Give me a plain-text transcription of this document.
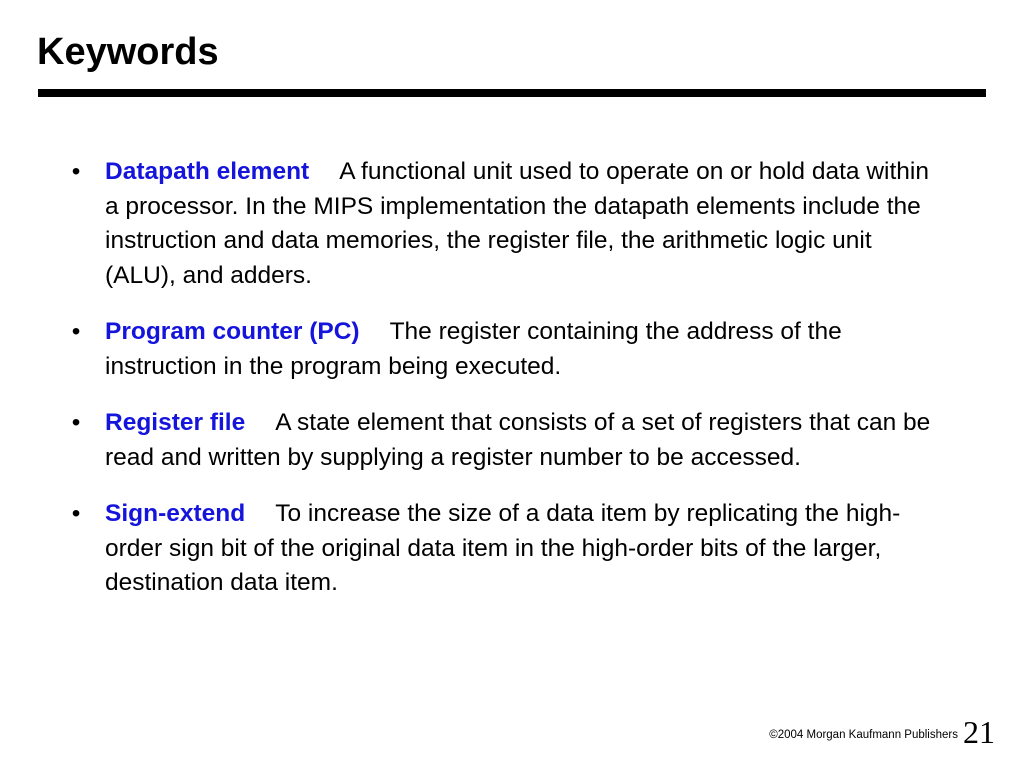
Keywords
• Datapath element A functional unit used to operate on or hold data within a processor. In the MIPS implementation the datapath elements include the instruction and data memories, the register file, the arithmetic logic unit (ALU), and adders.
• Program counter (PC) The register containing the address of the instruction in the program being executed.
• Register file A state element that consists of a set of registers that can be read and written by supplying a register number to be accessed.
• Sign-extend To increase the size of a data item by replicating the high-order sign bit of the original data item in the high-order bits of the larger, destination data item.
©2004 Morgan Kaufmann Publishers 21
